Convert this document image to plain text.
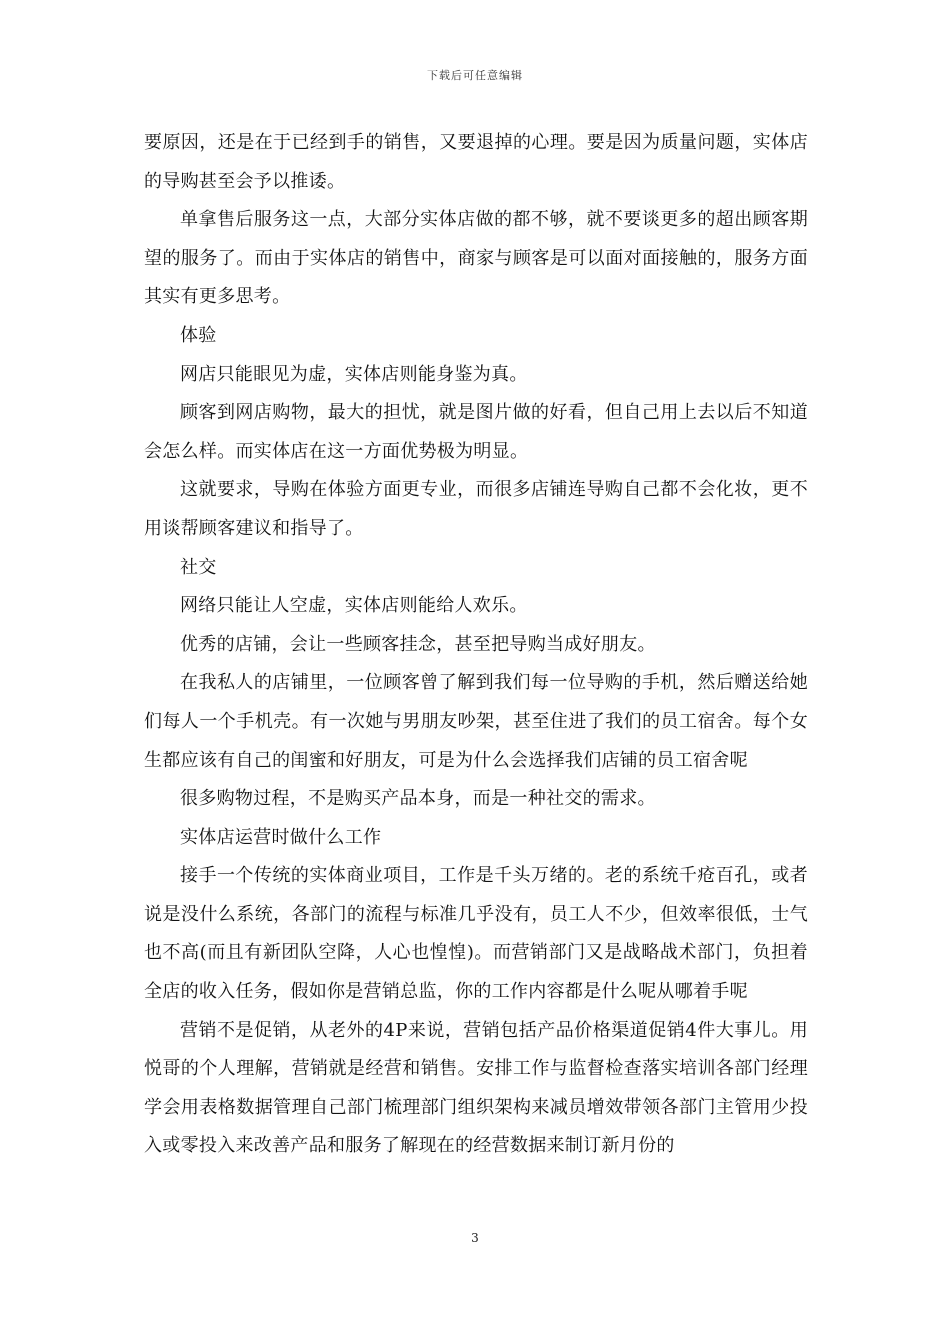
下载后可任意编辑

要原因，还是在于已经到手的销售，又要退掉的心理。要是因为质量问题，实体店的导购甚至会予以推诿。

单拿售后服务这一点，大部分实体店做的都不够，就不要谈更多的超出顾客期望的服务了。而由于实体店的销售中，商家与顾客是可以面对面接触的，服务方面其实有更多思考。

体验

网店只能眼见为虚，实体店则能身鉴为真。

顾客到网店购物，最大的担忧，就是图片做的好看，但自己用上去以后不知道会怎么样。而实体店在这一方面优势极为明显。

这就要求，导购在体验方面更专业，而很多店铺连导购自己都不会化妆，更不用谈帮顾客建议和指导了。

社交

网络只能让人空虚，实体店则能给人欢乐。

优秀的店铺，会让一些顾客挂念，甚至把导购当成好朋友。

在我私人的店铺里，一位顾客曾了解到我们每一位导购的手机，然后赠送给她们每人一个手机壳。有一次她与男朋友吵架，甚至住进了我们的员工宿舍。每个女生都应该有自己的闺蜜和好朋友，可是为什么会选择我们店铺的员工宿舍呢

很多购物过程，不是购买产品本身，而是一种社交的需求。

实体店运营时做什么工作

接手一个传统的实体商业项目，工作是千头万绪的。老的系统千疮百孔，或者说是没什么系统，各部门的流程与标准几乎没有，员工人不少，但效率很低，士气也不高(而且有新团队空降，人心也惶惶)。而营销部门又是战略战术部门，负担着全店的收入任务，假如你是营销总监，你的工作内容都是什么呢从哪着手呢

营销不是促销，从老外的4P来说，营销包括产品价格渠道促销4件大事儿。用悦哥的个人理解，营销就是经营和销售。安排工作与监督检查落实培训各部门经理学会用表格数据管理自己部门梳理部门组织架构来减员增效带领各部门主管用少投入或零投入来改善产品和服务了解现在的经营数据来制订新月份的

3
